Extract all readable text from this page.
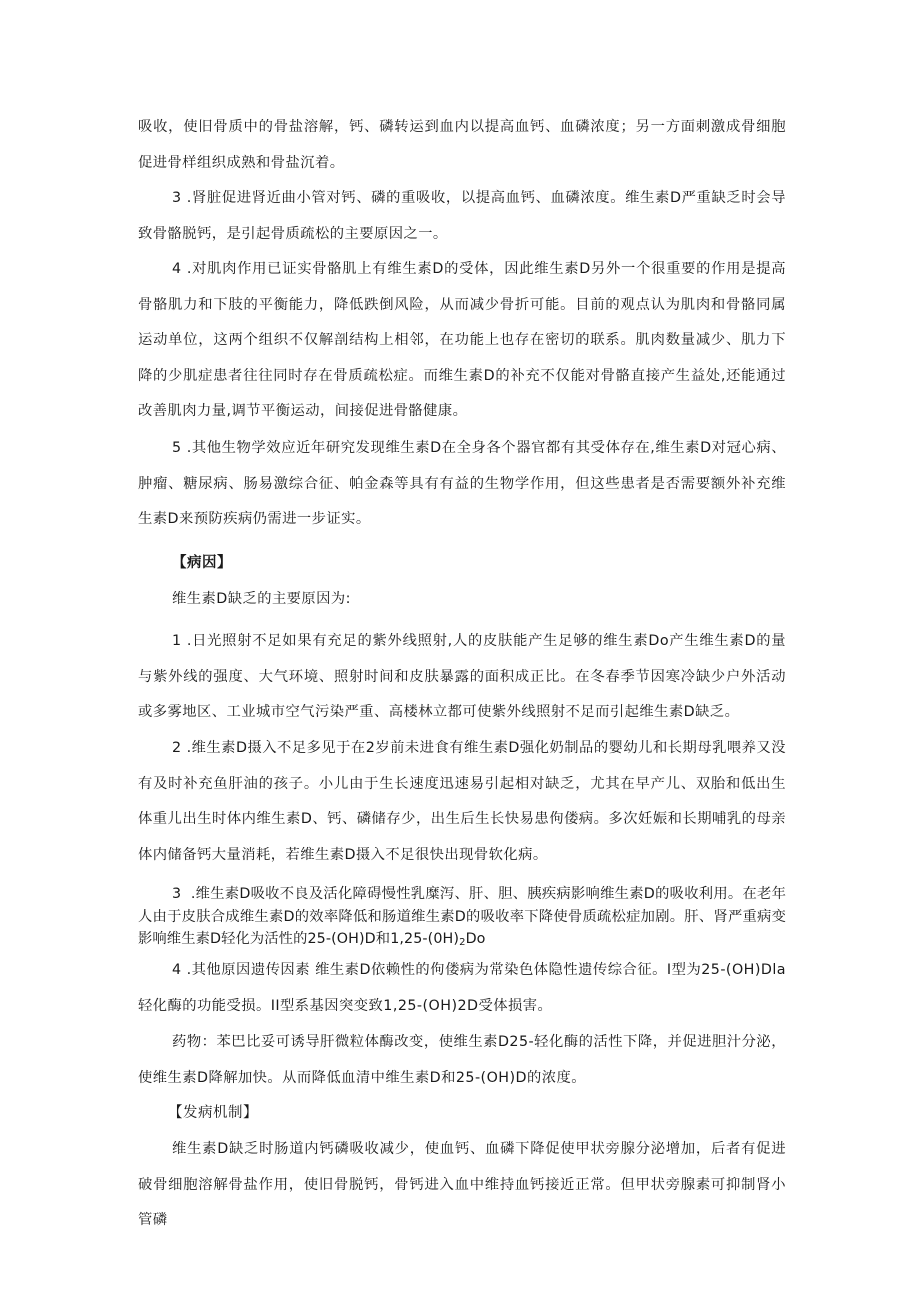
吸收，使旧骨质中的骨盐溶解，钙、磷转运到血内以提高血钙、血磷浓度；另一方面刺激成骨细胞促进骨样组织成熟和骨盐沉着。

3 .肾脏促进肾近曲小管对钙、磷的重吸收，以提高血钙、血磷浓度。维生素D严重缺乏时会导致骨骼脱钙，是引起骨质疏松的主要原因之一。

4 .对肌肉作用已证实骨骼肌上有维生素D的受体，因此维生素D另外一个很重要的作用是提高骨骼肌力和下肢的平衡能力，降低跌倒风险，从而减少骨折可能。目前的观点认为肌肉和骨骼同属运动单位，这两个组织不仅解剖结构上相邻，在功能上也存在密切的联系。肌肉数量减少、肌力下降的少肌症患者往往同时存在骨质疏松症。而维生素D的补充不仅能对骨骼直接产生益处,还能通过改善肌肉力量,调节平衡运动，间接促进骨骼健康。

5 .其他生物学效应近年研究发现维生素D在全身各个器官都有其受体存在,维生素D对冠心病、肿瘤、糖尿病、肠易激综合征、帕金森等具有有益的生物学作用，但这些患者是否需要额外补充维生素D来预防疾病仍需进一步证实。

【病因】

维生素D缺乏的主要原因为:

1 .日光照射不足如果有充足的紫外线照射,人的皮肤能产生足够的维生素Do产生维生素D的量与紫外线的强度、大气环境、照射时间和皮肤暴露的面积成正比。在冬春季节因寒冷缺少户外活动或多雾地区、工业城市空气污染严重、高楼林立都可使紫外线照射不足而引起维生素D缺乏。

2 .维生素D摄入不足多见于在2岁前未进食有维生素D强化奶制品的婴幼儿和长期母乳喂养又没有及时补充鱼肝油的孩子。小儿由于生长速度迅速易引起相对缺乏，尤其在早产儿、双胎和低出生体重儿出生时体内维生素D、钙、磷储存少，出生后生长快易患佝偻病。多次妊娠和长期哺乳的母亲体内储备钙大量消耗，若维生素D摄入不足很快出现骨软化病。

3  .维生素D吸收不良及活化障碍慢性乳糜泻、肝、胆、胰疾病影响维生素D的吸收利用。在老年人由于皮肤合成维生素D的效率降低和肠道维生素D的吸收率下降使骨质疏松症加剧。肝、肾严重病变影响维生素D轻化为活性的25-(OH)D和$1,25-(0H)_2Do$

4 .其他原因遗传因素 维生素D依赖性的佝偻病为常染色体隐性遗传综合征。I型为25-(OH)Dla轻化酶的功能受损。II型系基因突变致1,25-(OH)2D受体损害。

药物：苯巴比妥可诱导肝微粒体酶改变，使维生素D25-轻化酶的活性下降，并促进胆汁分泌，使维生素D降解加快。从而降低血清中维生素D和25-(OH)D的浓度。

【发病机制】

维生素D缺乏时肠道内钙磷吸收减少，使血钙、血磷下降促使甲状旁腺分泌增加，后者有促进破骨细胞溶解骨盐作用，使旧骨脱钙，骨钙进入血中维持血钙接近正常。但甲状旁腺素可抑制肾小管磷
